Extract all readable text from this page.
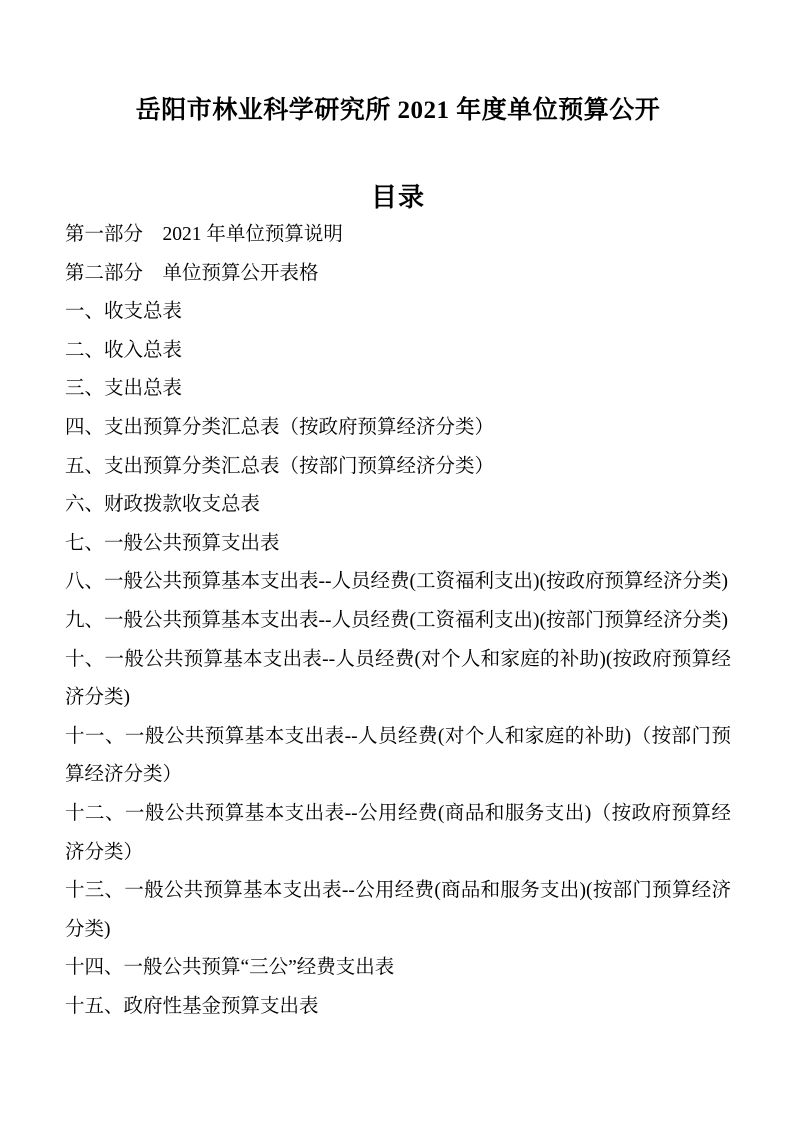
岳阳市林业科学研究所 2021 年度单位预算公开
目录

第一部分　2021 年单位预算说明

第二部分　单位预算公开表格

一、收支总表

二、收入总表

三、支出总表

四、支出预算分类汇总表（按政府预算经济分类）

五、支出预算分类汇总表（按部门预算经济分类）

六、财政拨款收支总表

七、一般公共预算支出表

八、一般公共预算基本支出表--人员经费(工资福利支出)(按政府预算经济分类)

九、一般公共预算基本支出表--人员经费(工资福利支出)(按部门预算经济分类)

十、一般公共预算基本支出表--人员经费(对个人和家庭的补助)(按政府预算经济分类)

十一、一般公共预算基本支出表--人员经费(对个人和家庭的补助)（按部门预算经济分类）

十二、一般公共预算基本支出表--公用经费(商品和服务支出)（按政府预算经济分类）

十三、一般公共预算基本支出表--公用经费(商品和服务支出)(按部门预算经济分类)

十四、一般公共预算“三公”经费支出表

十五、政府性基金预算支出表
